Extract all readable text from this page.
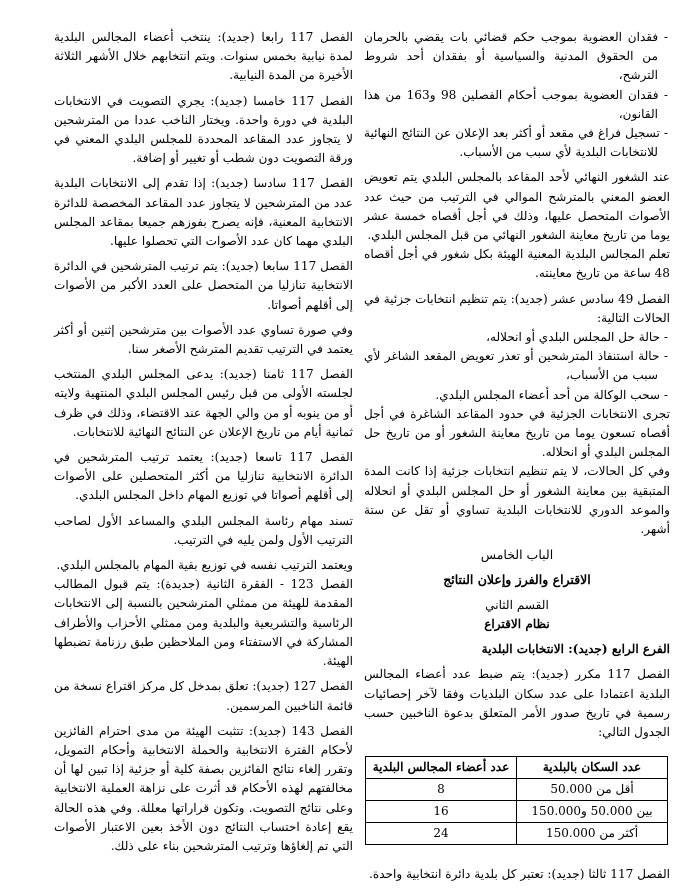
- فقدان العضوية بموجب حكم قضائي بات يقضي بالحرمان من الحقوق المدنية والسياسية أو بفقدان أحد شروط الترشح،

- فقدان العضوية بموجب أحكام الفصلين 98 و163 من هذا القانون،

- تسجيل فراغ في مقعد أو أكثر بعد الإعلان عن النتائج النهائية للانتخابات البلدية لأي سبب من الأسباب.

عند الشغور النهائي لأحد المقاعد بالمجلس البلدي يتم تعويض العضو المعني بالمترشح الموالي في الترتيب من حيث عدد الأصوات المتحصل عليها، وذلك في أجل أقصاه خمسة عشر يوما من تاريخ معاينة الشغور النهائي من قبل المجلس البلدي.

تعلم المجالس البلدية المعنية الهيئة بكل شغور في أجل أقصاه 48 ساعة من تاريخ معاينته.

الفصل 49 سادس عشر (جديد): يتم تنظيم انتخابات جزئية في الحالات التالية:

- حالة حل المجلس البلدي أو انحلاله،

- حالة استنفاذ المترشحين أو تعذر تعويض المقعد الشاغر لأي سبب من الأسباب،

- سحب الوكالة من أحد أعضاء المجلس البلدي.

تجرى الانتخابات الجزئية في حدود المقاعد الشاغرة في أجل أقصاه تسعون يوما من تاريخ معاينة الشغور أو من تاريخ حل المجلس البلدي أو انحلاله.

وفي كل الحالات، لا يتم تنظيم انتخابات جزئية إذا كانت المدة المتبقية بين معاينة الشغور أو حل المجلس البلدي أو انحلاله والموعد الدوري للانتخابات البلدية تساوي أو تقل عن ستة أشهر.

الباب الخامس

الاقتراع والفرز وإعلان النتائج

القسم الثاني

نظام الاقتراع

الفرع الرابع (جديد): الانتخابات البلدية

الفصل 117 مكرر (جديد): يتم ضبط عدد أعضاء المجالس البلدية اعتمادا على عدد سكان البلديات وفقا لآخر إحصائيات رسمية في تاريخ صدور الأمر المتعلق بدعوة الناخبين حسب الجدول التالي:

عدد السكان بالبلدية	عدد أعضاء المجالس البلدية
أقل من 50.000	8
بين 50.000 و150.000	16
أكثر من 150.000	24

الفصل 117 ثالثا (جديد): تعتبر كل بلدية دائرة انتخابية واحدة.

الفصل 117 رابعا (جديد): ينتخب أعضاء المجالس البلدية لمدة نيابية بخمس سنوات. ويتم انتخابهم خلال الأشهر الثلاثة الأخيرة من المدة النيابية.

الفصل 117 خامسا (جديد): يجري التصويت في الانتخابات البلدية في دورة واحدة. ويختار الناخب عددا من المترشحين لا يتجاوز عدد المقاعد المحددة للمجلس البلدي المعني في ورقة التصويت دون شطب أو تغيير أو إضافة.

الفصل 117 سادسا (جديد): إذا تقدم إلى الانتخابات البلدية عدد من المترشحين لا يتجاوز عدد المقاعد المخصصة للدائرة الانتخابية المعنية، فإنه يصرح بفوزهم جميعا بمقاعد المجلس البلدي مهما كان عدد الأصوات التي تحصلوا عليها.

الفصل 117 سابعا (جديد): يتم ترتيب المترشحين في الدائرة الانتخابية تنازليا من المتحصل على العدد الأكبر من الأصوات إلى أقلهم أصواتا.

وفي صورة تساوي عدد الأصوات بين مترشحين إثنين أو أكثر يعتمد في الترتيب تقديم المترشح الأصغر سنا.

الفصل 117 ثامنا (جديد): يدعى المجلس البلدي المنتخب لجلسته الأولى من قبل رئيس المجلس البلدي المنتهية ولايته أو من ينوبه أو من والي الجهة عند الاقتضاء، وذلك في ظرف ثمانية أيام من تاريخ الإعلان عن النتائج النهائية للانتخابات.

الفصل 117 تاسعا (جديد): يعتمد ترتيب المترشحين في الدائرة الانتخابية تنازليا من أكثر المتحصلين على الأصوات إلى أقلهم أصواتا في توزيع المهام داخل المجلس البلدي.

تسند مهام رئاسة المجلس البلدي والمساعد الأول لصاحب الترتيب الأول ولمن يليه في الترتيب.

ويعتمد الترتيب نفسه في توزيع بقية المهام بالمجلس البلدي.

الفصل 123 - الفقرة الثانية (جديدة): يتم قبول المطالب المقدمة للهيئة من ممثلي المترشحين بالنسبة إلى الانتخابات الرئاسية والتشريعية والبلدية ومن ممثلي الأحزاب والأطراف المشاركة في الاستفتاء ومن الملاحظين طبق رزنامة تضبطها الهيئة.

الفصل 127 (جديد): تعلق بمدخل كل مركز اقتراع نسخة من قائمة الناخبين المرسمين.

الفصل 143 (جديد): تتثبت الهيئة من مدى احترام الفائزين لأحكام الفترة الانتخابية والحملة الانتخابية وأحكام التمويل، وتقرر إلغاء نتائج الفائزين بصفة كلية أو جزئية إذا تبين لها أن مخالفتهم لهذه الأحكام قد أثرت على نزاهة العملية الانتخابية وعلى نتائج التصويت. وتكون قراراتها معللة. وفي هذه الحالة يقع إعادة احتساب النتائج دون الأخذ بعين الاعتبار الأصوات التي تم إلغاؤها وترتيب المترشحين بناء على ذلك.
